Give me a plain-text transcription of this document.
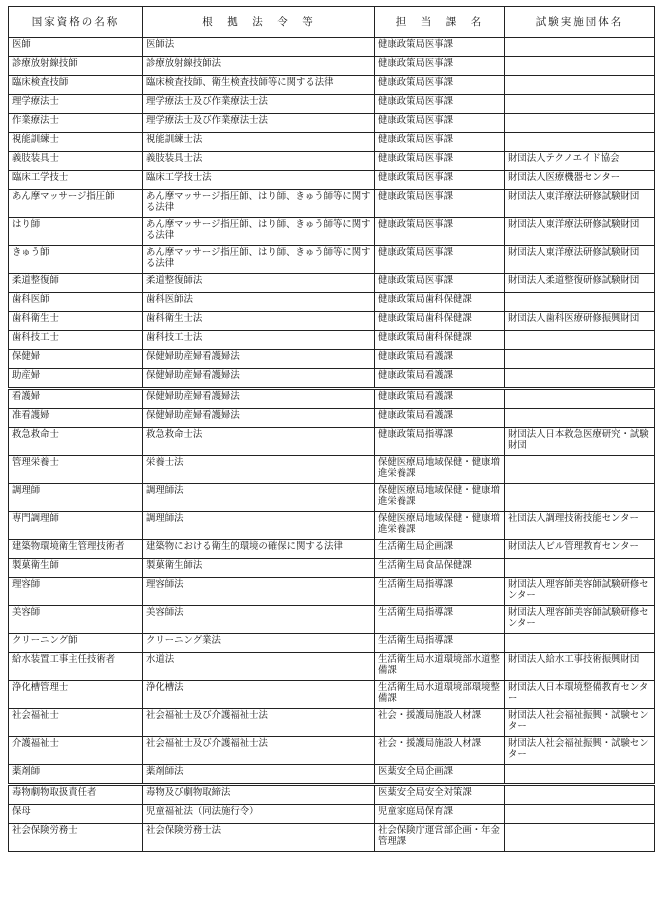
国家資格の名称	根　拠　法　令　等	担　当　課　名	試験実施団体名
医師	医師法	健康政策局医事課	
診療放射線技師	診療放射線技師法	健康政策局医事課	
臨床検査技師	臨床検査技師、衛生検査技師等に関する法律	健康政策局医事課	
理学療法士	理学療法士及び作業療法士法	健康政策局医事課	
作業療法士	理学療法士及び作業療法士法	健康政策局医事課	
視能訓練士	視能訓練士法	健康政策局医事課	
義肢装具士	義肢装具士法	健康政策局医事課	財団法人テクノエイド協会
臨床工学技士	臨床工学技士法	健康政策局医事課	財団法人医療機器センター
あん摩マッサージ指圧師	あん摩マッサージ指圧師、はり師、きゅう師等に関する法律	健康政策局医事課	財団法人東洋療法研修試験財団
はり師	あん摩マッサージ指圧師、はり師、きゅう師等に関する法律	健康政策局医事課	財団法人東洋療法研修試験財団
きゅう師	あん摩マッサージ指圧師、はり師、きゅう師等に関する法律	健康政策局医事課	財団法人東洋療法研修試験財団
柔道整復師	柔道整復師法	健康政策局医事課	財団法人柔道整復研修試験財団
歯科医師	歯科医師法	健康政策局歯科保健課	
歯科衛生士	歯科衛生士法	健康政策局歯科保健課	財団法人歯科医療研修振興財団
歯科技工士	歯科技工士法	健康政策局歯科保健課	
保健婦	保健婦助産婦看護婦法	健康政策局看護課	
助産婦	保健婦助産婦看護婦法	健康政策局看護課	
看護婦	保健婦助産婦看護婦法	健康政策局看護課	
准看護婦	保健婦助産婦看護婦法	健康政策局看護課	
救急救命士	救急救命士法	健康政策局指導課	財団法人日本救急医療研究・試験財団
管理栄養士	栄養士法	保健医療局地域保健・健康増進栄養課	
調理師	調理師法	保健医療局地域保健・健康増進栄養課	
専門調理師	調理師法	保健医療局地域保健・健康増進栄養課	社団法人調理技術技能センター
建築物環境衛生管理技術者	建築物における衛生的環境の確保に関する法律	生活衛生局企画課	財団法人ビル管理教育センター
製菓衛生師	製菓衛生師法	生活衛生局食品保健課	
理容師	理容師法	生活衛生局指導課	財団法人理容師美容師試験研修センター
美容師	美容師法	生活衛生局指導課	財団法人理容師美容師試験研修センター
クリーニング師	クリーニング業法	生活衛生局指導課	
給水装置工事主任技術者	水道法	生活衛生局水道環境部水道整備課	財団法人給水工事技術振興財団
浄化槽管理士	浄化槽法	生活衛生局水道環境部環境整備課	財団法人日本環境整備教育センター
社会福祉士	社会福祉士及び介護福祉士法	社会・援護局施設人材課	財団法人社会福祉振興・試験センター
介護福祉士	社会福祉士及び介護福祉士法	社会・援護局施設人材課	財団法人社会福祉振興・試験センター
薬剤師	薬剤師法	医薬安全局企画課	
毒物劇物取扱責任者	毒物及び劇物取締法	医薬安全局安全対策課	
保母	児童福祉法（同法施行令）	児童家庭局保育課	
社会保険労務士	社会保険労務士法	社会保険庁運営部企画・年金管理課	
